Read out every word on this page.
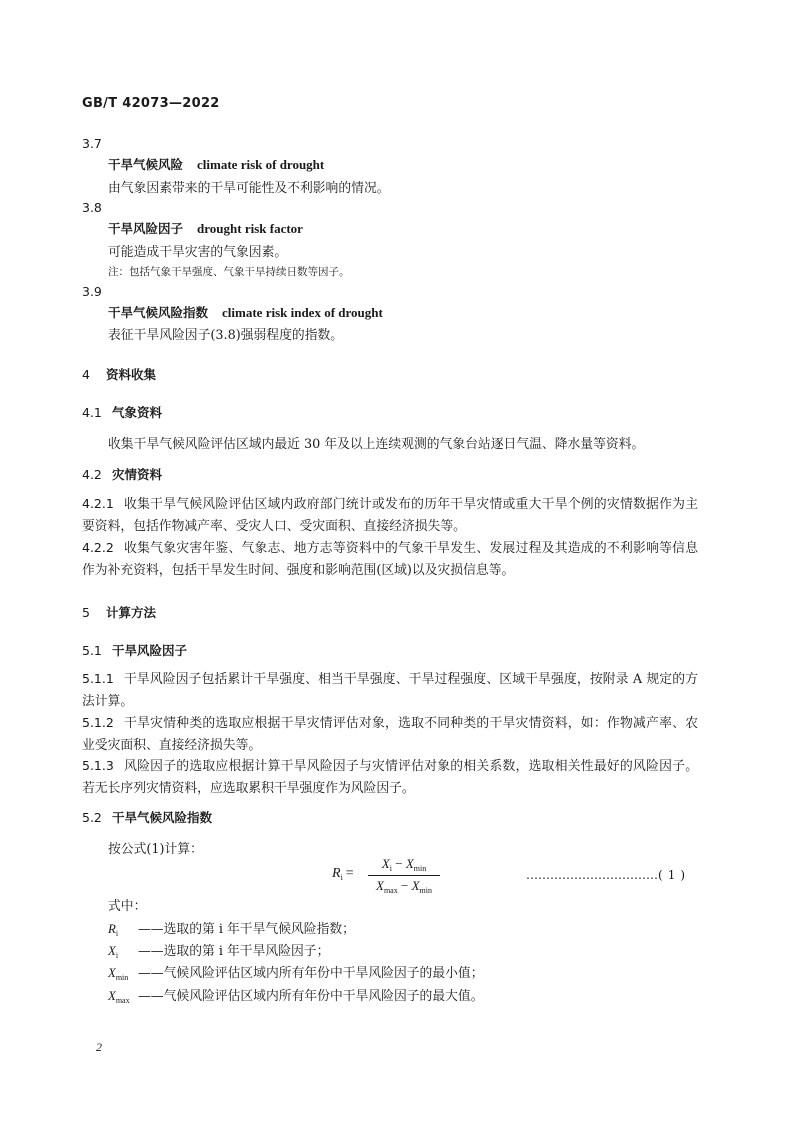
GB/T 42073—2022
3.7
干旱气候风险 climate risk of drought
由气象因素带来的干旱可能性及不利影响的情况。
3.8
干旱风险因子 drought risk factor
可能造成干旱灾害的气象因素。
注：包括气象干旱强度、气象干旱持续日数等因子。
3.9
干旱气候风险指数 climate risk index of drought
表征干旱风险因子(3.8)强弱程度的指数。
4 资料收集
4.1 气象资料
收集干旱气候风险评估区域内最近 30 年及以上连续观测的气象台站逐日气温、降水量等资料。
4.2 灾情资料
4.2.1 收集干旱气候风险评估区域内政府部门统计或发布的历年干旱灾情或重大干旱个例的灾情数据作为主要资料，包括作物减产率、受灾人口、受灾面积、直接经济损失等。
4.2.2 收集气象灾害年鉴、气象志、地方志等资料中的气象干旱发生、发展过程及其造成的不利影响等信息作为补充资料，包括干旱发生时间、强度和影响范围(区域)以及灾损信息等。
5 计算方法
5.1 干旱风险因子
5.1.1 干旱风险因子包括累计干旱强度、相当干旱强度、干旱过程强度、区域干旱强度，按附录 A 规定的方法计算。
5.1.2 干旱灾情种类的选取应根据干旱灾情评估对象，选取不同种类的干旱灾情资料，如：作物减产率、农业受灾面积、直接经济损失等。
5.1.3 风险因子的选取应根据计算干旱风险因子与灾情评估对象的相关系数，选取相关性最好的风险因子。若无长序列灾情资料，应选取累积干旱强度作为风险因子。
5.2 干旱气候风险指数
按公式(1)计算：
$R_i$ =
$X_i - X_{min}$
$X_{max} - X_{min}$
……………………………( 1 )
式中：
$R_i$ ——选取的第 i 年干旱气候风险指数；
$X_i$ ——选取的第 i 年干旱风险因子；
$X_{min}$ ——气候风险评估区域内所有年份中干旱风险因子的最小值；
$X_{max}$ ——气候风险评估区域内所有年份中干旱风险因子的最大值。
2
